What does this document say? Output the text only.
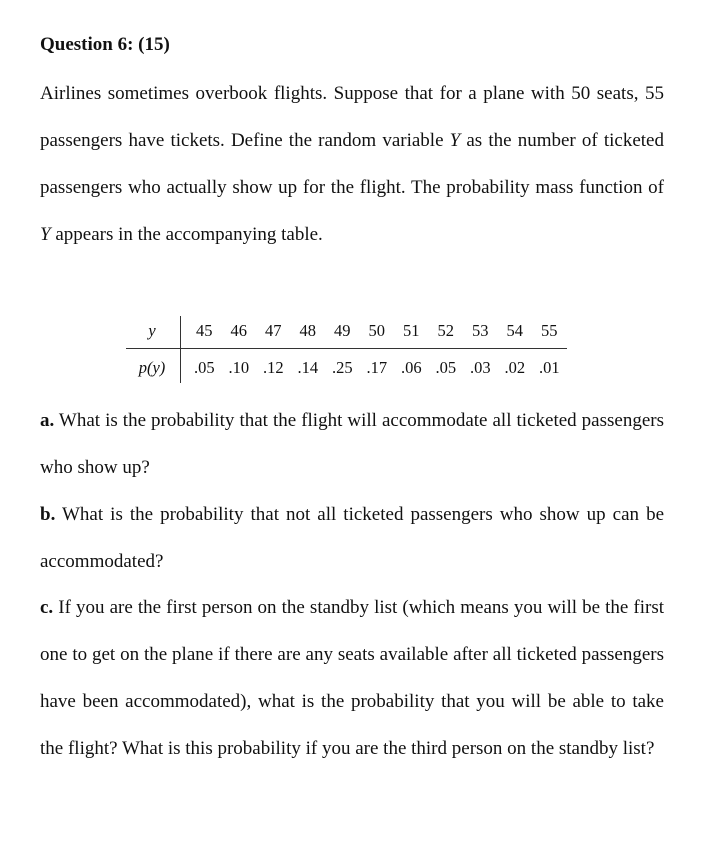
Question 6: (15)

Airlines sometimes overbook flights. Suppose that for a plane with 50 seats, 55 passengers have tickets. Define the random variable Y as the number of ticketed passengers who actually show up for the flight. The probability mass function of Y appears in the accompanying table.

y	45	46	47	48	49	50	51	52	53	54	55
p(y)	.05	.10	.12	.14	.25	.17	.06	.05	.03	.02	.01

a. What is the probability that the flight will accommodate all ticketed passengers who show up?

b. What is the probability that not all ticketed passengers who show up can be accommodated?

c. If you are the first person on the standby list (which means you will be the first one to get on the plane if there are any seats available after all ticketed passengers have been accommodated), what is the probability that you will be able to take the flight? What is this probability if you are the third person on the standby list?
